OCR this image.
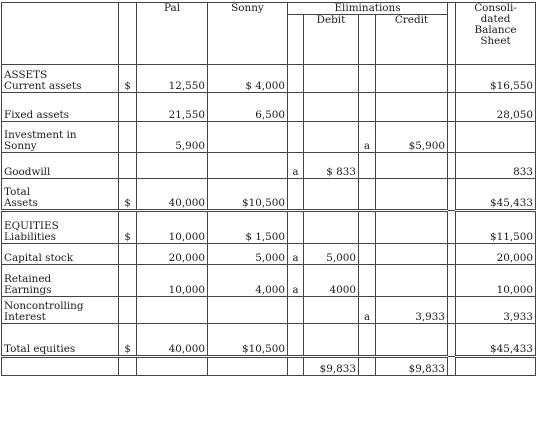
		Pal	Sonny	Eliminations					Consoli-
dated
Balance
Sheet

					Debit		Credit		

ASSETS
Current assets	$	12,550	$ 4,000						$16,550

Fixed assets		21,550	6,500						28,050

Investment in
Sonny		5,900				a	$5,900		

Goodwill				a	$ 833				833

Total
Assets	$	40,000	$10,500						$45,433

EQUITIES
Liabilities	$	10,000	$ 1,500						$11,500

Capital stock		20,000	5,000	a	5,000				20,000

Retained
Earnings		10,000	4,000	a	4000				10,000

Noncontrolling
Interest						a	3,933		3,933

Total equities	$	40,000	$10,500						$45,433

					$9,833		$9,833		
